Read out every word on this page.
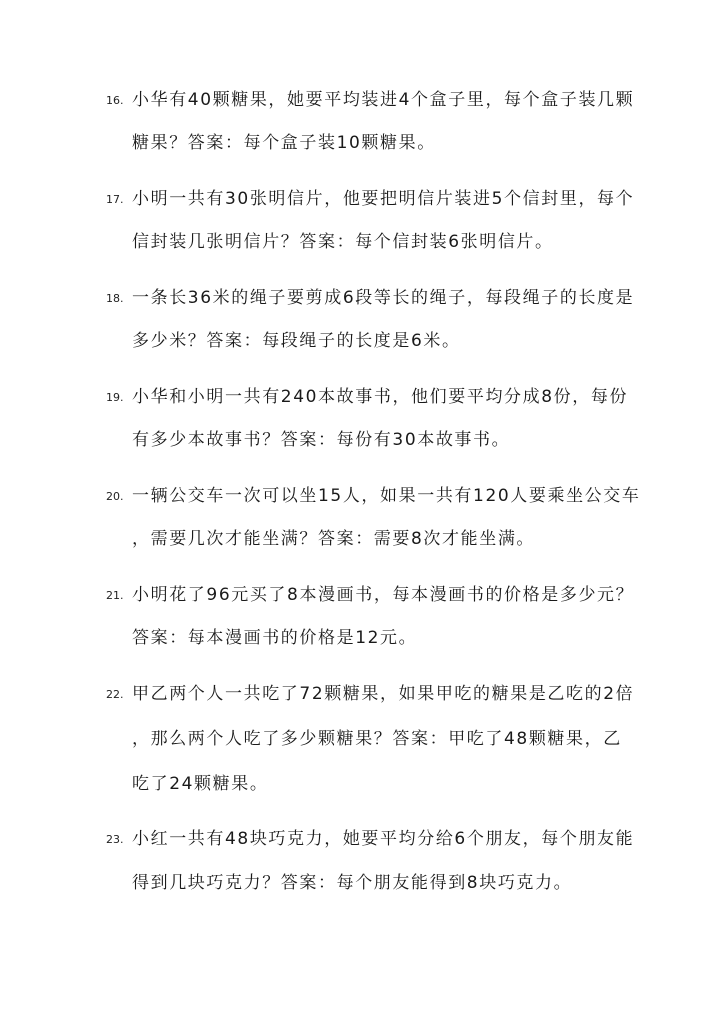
16. 小华有40颗糖果，她要平均装进4个盒子里，每个盒子装几颗
糖果？答案：每个盒子装10颗糖果。
17. 小明一共有30张明信片，他要把明信片装进5个信封里，每个
信封装几张明信片？答案：每个信封装6张明信片。
18. 一条长36米的绳子要剪成6段等长的绳子，每段绳子的长度是
多少米？答案：每段绳子的长度是6米。
19. 小华和小明一共有240本故事书，他们要平均分成8份，每份
有多少本故事书？答案：每份有30本故事书。
20. 一辆公交车一次可以坐15人，如果一共有120人要乘坐公交车
，需要几次才能坐满？答案：需要8次才能坐满。
21. 小明花了96元买了8本漫画书，每本漫画书的价格是多少元？
答案：每本漫画书的价格是12元。
22. 甲乙两个人一共吃了72颗糖果，如果甲吃的糖果是乙吃的2倍
，那么两个人吃了多少颗糖果？答案：甲吃了48颗糖果，乙
吃了24颗糖果。
23. 小红一共有48块巧克力，她要平均分给6个朋友，每个朋友能
得到几块巧克力？答案：每个朋友能得到8块巧克力。
